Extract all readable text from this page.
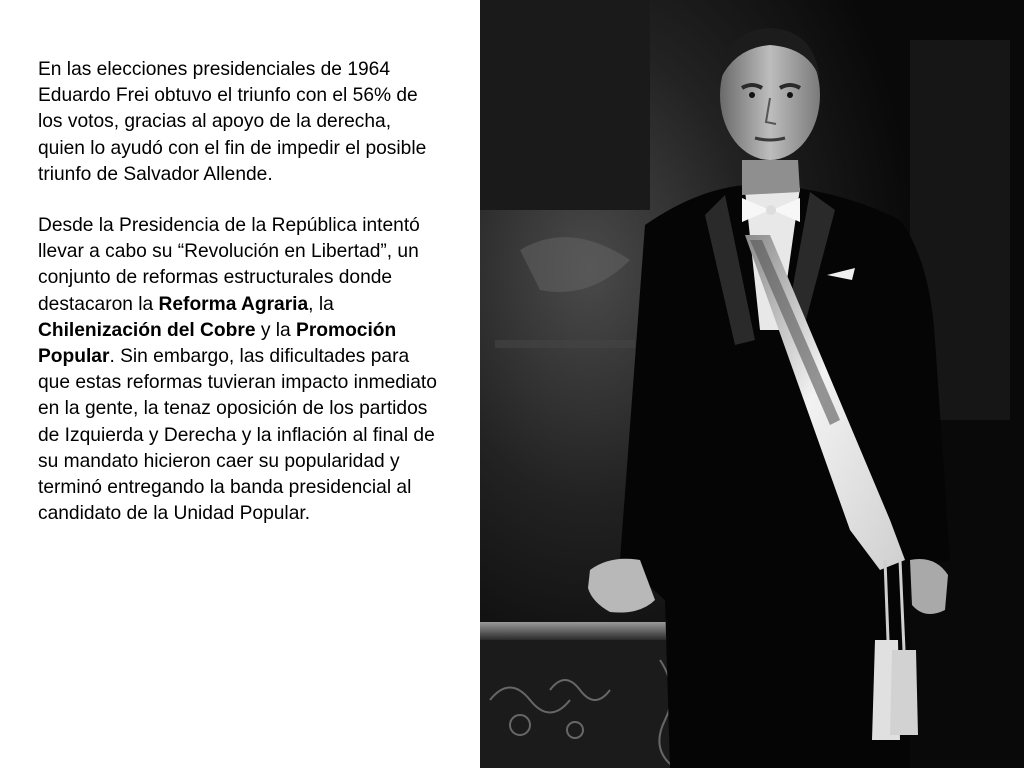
En las elecciones presidenciales de 1964 Eduardo Frei obtuvo el triunfo con el 56% de los votos, gracias al apoyo de la derecha, quien lo ayudó con el fin de impedir el posible triunfo de Salvador Allende.

Desde la Presidencia de la República intentó llevar a cabo su “Revolución en Libertad”, un conjunto de reformas estructurales donde destacaron la Reforma Agraria, la Chilenización del Cobre y la Promoción Popular. Sin embargo, las dificultades para que estas reformas tuvieran impacto inmediato en la gente, la tenaz oposición de los partidos de Izquierda y Derecha y la inflación al final de su mandato hicieron caer su popularidad y terminó entregando la banda presidencial al candidato de la Unidad Popular.
